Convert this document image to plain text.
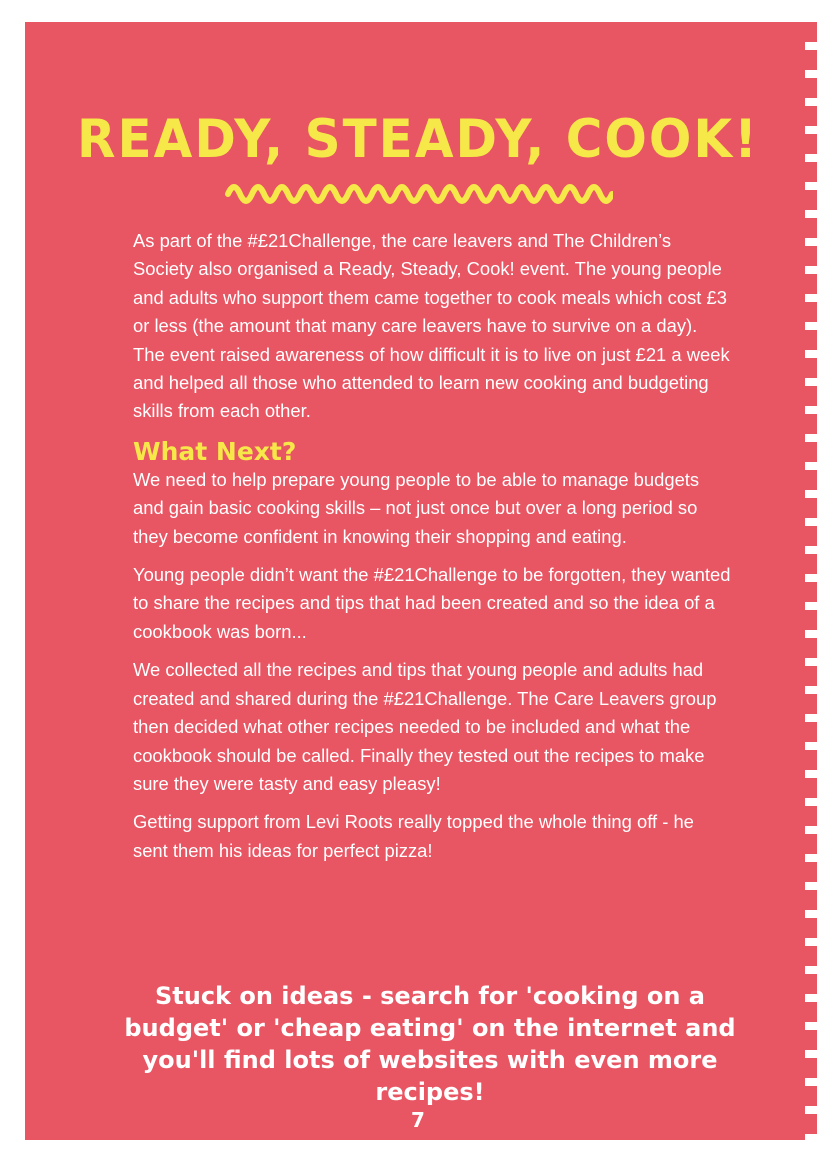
READY, STEADY, COOK!

As part of the #£21Challenge, the care leavers and The Children’s Society also organised a Ready, Steady, Cook! event. The young people and adults who support them came together to cook meals which cost £3 or less (the amount that many care leavers have to survive on a day). The event raised awareness of how difficult it is to live on just £21 a week and helped all those who attended to learn new cooking and budgeting skills from each other.

What Next?

We need to help prepare young people to be able to manage budgets and gain basic cooking skills – not just once but over a long period so they become confident in knowing their shopping and eating.

Young people didn’t want the #£21Challenge to be forgotten, they wanted to share the recipes and tips that had been created and so the idea of a cookbook was born...

We collected all the recipes and tips that young people and adults had created and shared during the #£21Challenge. The Care Leavers group then decided what other recipes needed to be included and what the cookbook should be called. Finally they tested out the recipes to make sure they were tasty and easy pleasy!

Getting support from Levi Roots really topped the whole thing off - he sent them his ideas for perfect pizza!

Stuck on ideas - search for 'cooking on a budget' or 'cheap eating' on the internet and you'll find lots of websites with even more recipes!
7
